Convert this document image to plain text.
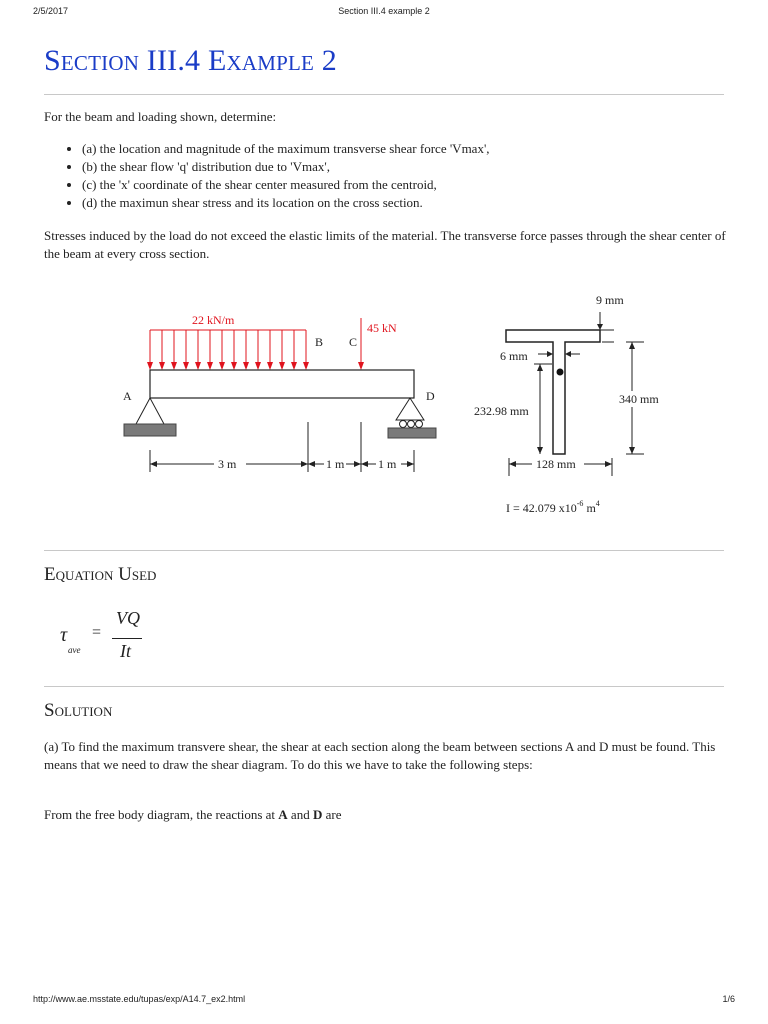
2/5/2017	Section III.4 example 2
Section III.4 Example 2
For the beam and loading shown, determine:
• (a) the location and magnitude of the maximum transverse shear force 'Vmax',
• (b) the shear flow 'q' distribution due to 'Vmax',
• (c) the 'x' coordinate of the shear center measured from the centroid,
• (d) the maximun shear stress and its location on the cross section.
Stresses induced by the load do not exceed the elastic limits of the material. The transverse force passes through the shear center of the beam at every cross section.
22 kN/m
45 kN
B C
A	D
3 m	1 m	1 m
9 mm
6 mm
232.98 mm
340 mm
128 mm
I = 42.079 $x10^{-6}$ $m^4$
Equation Used
τ
ave
=
VQ
It
Solution
(a) To find the maximum transvere shear, the shear at each section along the beam between sections A and D must be found. This means that we need to draw the shear diagram. To do this we have to take the following steps:
From the free body diagram, the reactions at A and D are
http://www.ae.msstate.edu/tupas/exp/A14.7_ex2.html	1/6
